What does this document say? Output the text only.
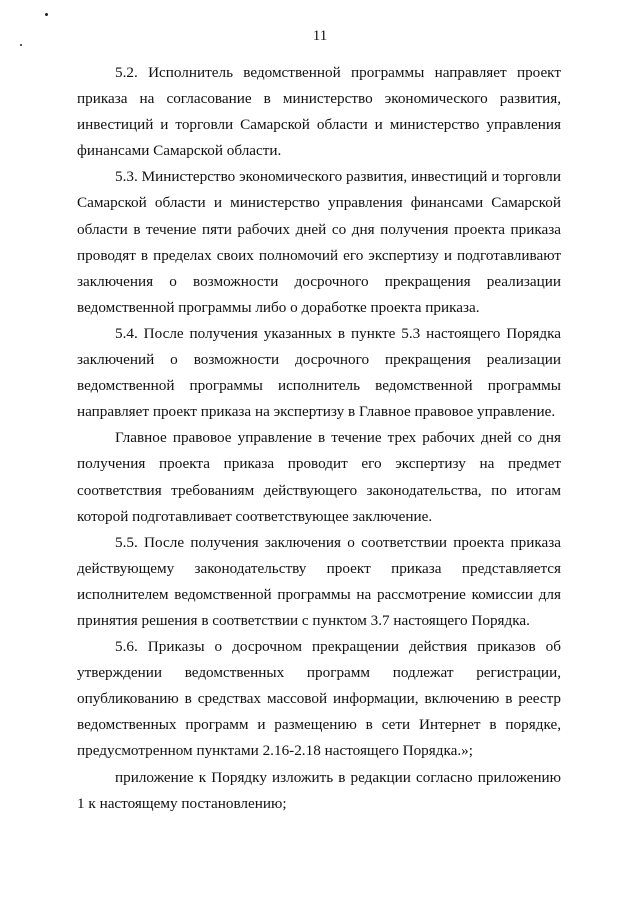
11

5.2. Исполнитель ведомственной программы направляет проект приказа на согласование в министерство экономического развития, инвестиций и торговли Самарской области и министерство управления финансами Самарской области.

5.3. Министерство экономического развития, инвестиций и торговли Самарской области и министерство управления финансами Самарской области в течение пяти рабочих дней со дня получения проекта приказа проводят в пределах своих полномочий его экспертизу и подготавливают заключения о возможности досрочного прекращения реализации ведомственной программы либо о доработке проекта приказа.

5.4. После получения указанных в пункте 5.3 настоящего Порядка заключений о возможности досрочного прекращения реализации ведомственной программы исполнитель ведомственной программы направляет проект приказа на экспертизу в Главное правовое управление.

Главное правовое управление в течение трех рабочих дней со дня получения проекта приказа проводит его экспертизу на предмет соответствия требованиям действующего законодательства, по итогам которой подготавливает соответствующее заключение.

5.5. После получения заключения о соответствии проекта приказа действующему законодательству проект приказа представляется исполнителем ведомственной программы на рассмотрение комиссии для принятия решения в соответствии с пунктом 3.7 настоящего Порядка.

5.6. Приказы о досрочном прекращении действия приказов об утверждении ведомственных программ подлежат регистрации, опубликованию в средствах массовой информации, включению в реестр ведомственных программ и размещению в сети Интернет в порядке, предусмотренном пунктами 2.16-2.18 настоящего Порядка.»;

приложение к Порядку изложить в редакции согласно приложению 1 к настоящему постановлению;
